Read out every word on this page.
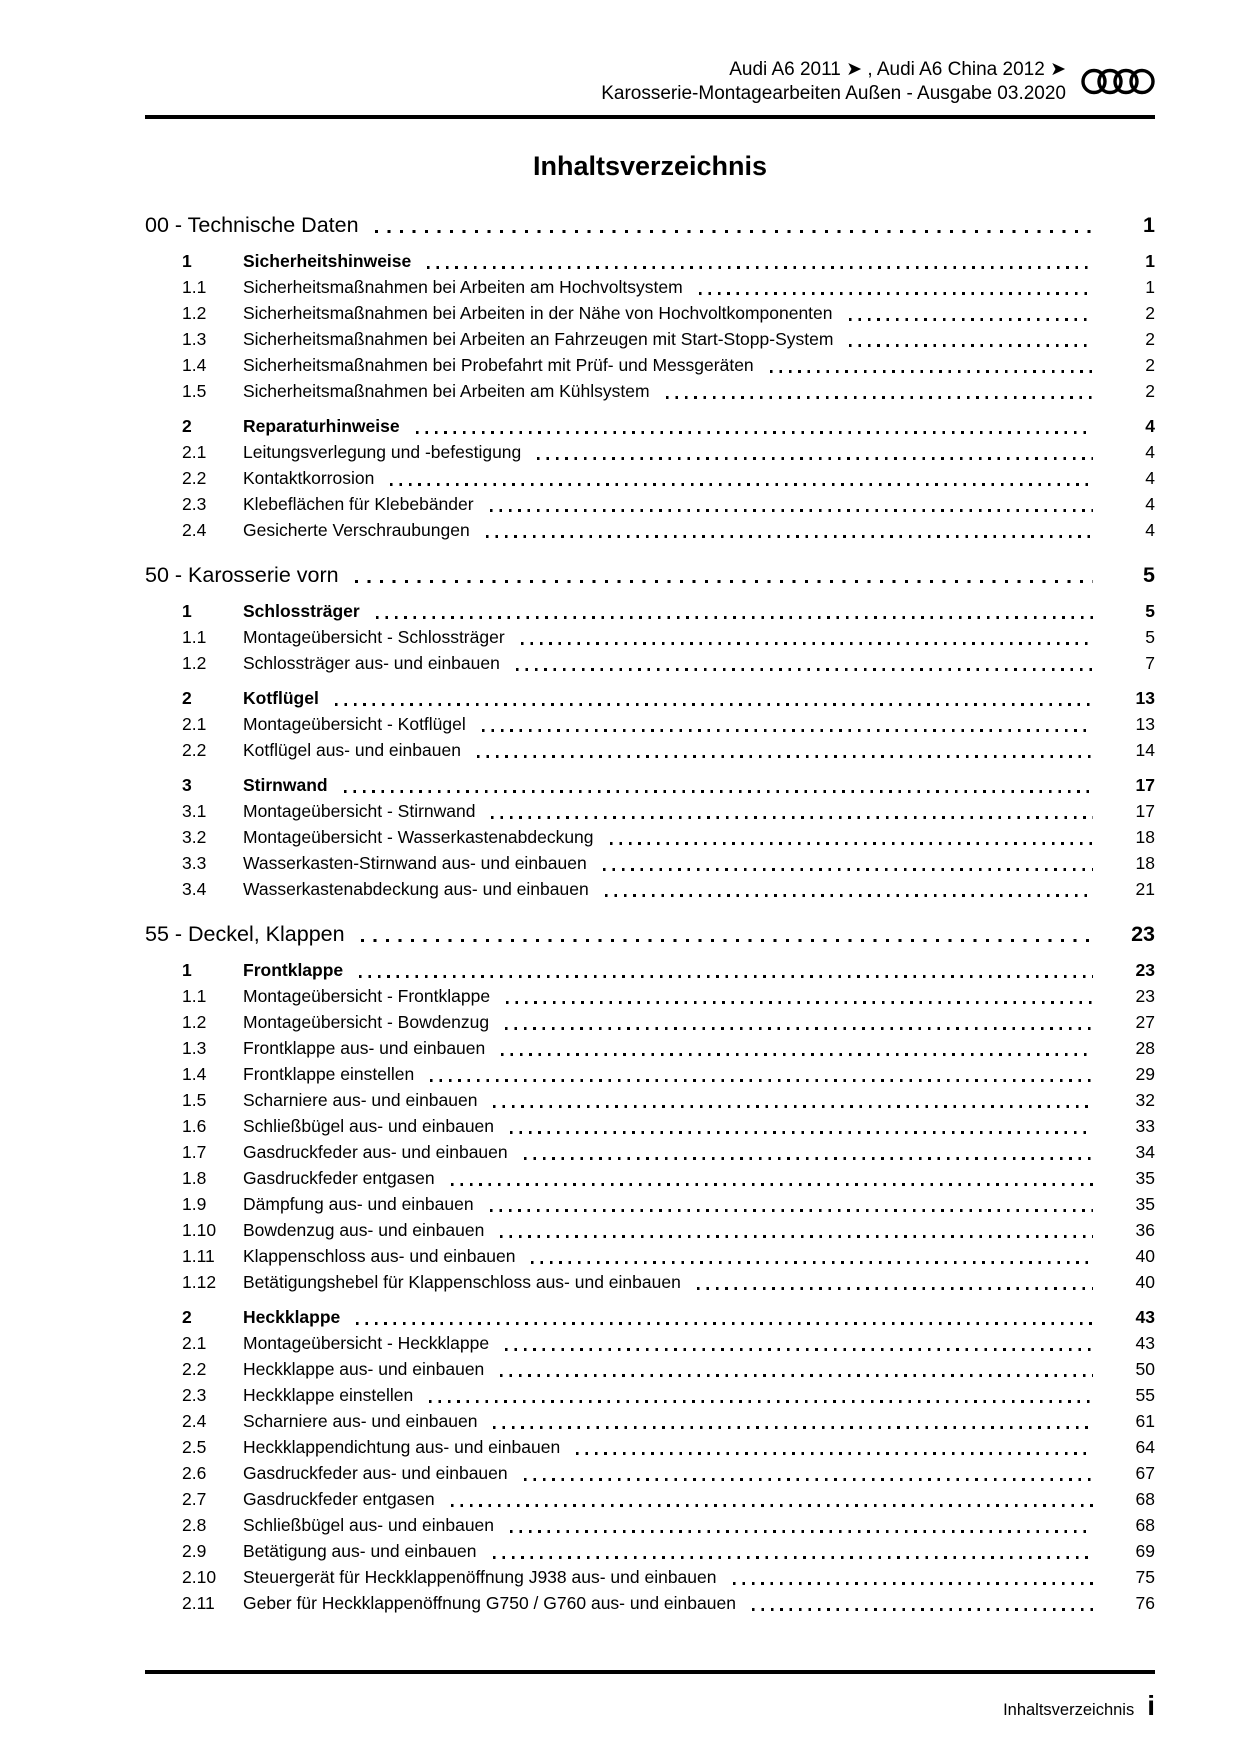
Audi A6 2011 ➤ , Audi A6 China 2012 ➤
Karosserie-Montagearbeiten Außen - Ausgabe 03.2020
Inhaltsverzeichnis
00 - Technische Daten	1
1	Sicherheitshinweise	1
1.1	Sicherheitsmaßnahmen bei Arbeiten am Hochvoltsystem	1
1.2	Sicherheitsmaßnahmen bei Arbeiten in der Nähe von Hochvoltkomponenten	2
1.3	Sicherheitsmaßnahmen bei Arbeiten an Fahrzeugen mit Start-Stopp-System	2
1.4	Sicherheitsmaßnahmen bei Probefahrt mit Prüf- und Messgeräten	2
1.5	Sicherheitsmaßnahmen bei Arbeiten am Kühlsystem	2
2	Reparaturhinweise	4
2.1	Leitungsverlegung und -befestigung	4
2.2	Kontaktkorrosion	4
2.3	Klebeflächen für Klebebänder	4
2.4	Gesicherte Verschraubungen	4
50 - Karosserie vorn	5
1	Schlossträger	5
1.1	Montageübersicht - Schlossträger	5
1.2	Schlossträger aus- und einbauen	7
2	Kotflügel	13
2.1	Montageübersicht - Kotflügel	13
2.2	Kotflügel aus- und einbauen	14
3	Stirnwand	17
3.1	Montageübersicht - Stirnwand	17
3.2	Montageübersicht - Wasserkastenabdeckung	18
3.3	Wasserkasten-Stirnwand aus- und einbauen	18
3.4	Wasserkastenabdeckung aus- und einbauen	21
55 - Deckel, Klappen	23
1	Frontklappe	23
1.1	Montageübersicht - Frontklappe	23
1.2	Montageübersicht - Bowdenzug	27
1.3	Frontklappe aus- und einbauen	28
1.4	Frontklappe einstellen	29
1.5	Scharniere aus- und einbauen	32
1.6	Schließbügel aus- und einbauen	33
1.7	Gasdruckfeder aus- und einbauen	34
1.8	Gasdruckfeder entgasen	35
1.9	Dämpfung aus- und einbauen	35
1.10	Bowdenzug aus- und einbauen	36
1.11	Klappenschloss aus- und einbauen	40
1.12	Betätigungshebel für Klappenschloss aus- und einbauen	40
2	Heckklappe	43
2.1	Montageübersicht - Heckklappe	43
2.2	Heckklappe aus- und einbauen	50
2.3	Heckklappe einstellen	55
2.4	Scharniere aus- und einbauen	61
2.5	Heckklappendichtung aus- und einbauen	64
2.6	Gasdruckfeder aus- und einbauen	67
2.7	Gasdruckfeder entgasen	68
2.8	Schließbügel aus- und einbauen	68
2.9	Betätigung aus- und einbauen	69
2.10	Steuergerät für Heckklappenöffnung J938 aus- und einbauen	75
2.11	Geber für Heckklappenöffnung G750 / G760 aus- und einbauen	76
Inhaltsverzeichnis i
